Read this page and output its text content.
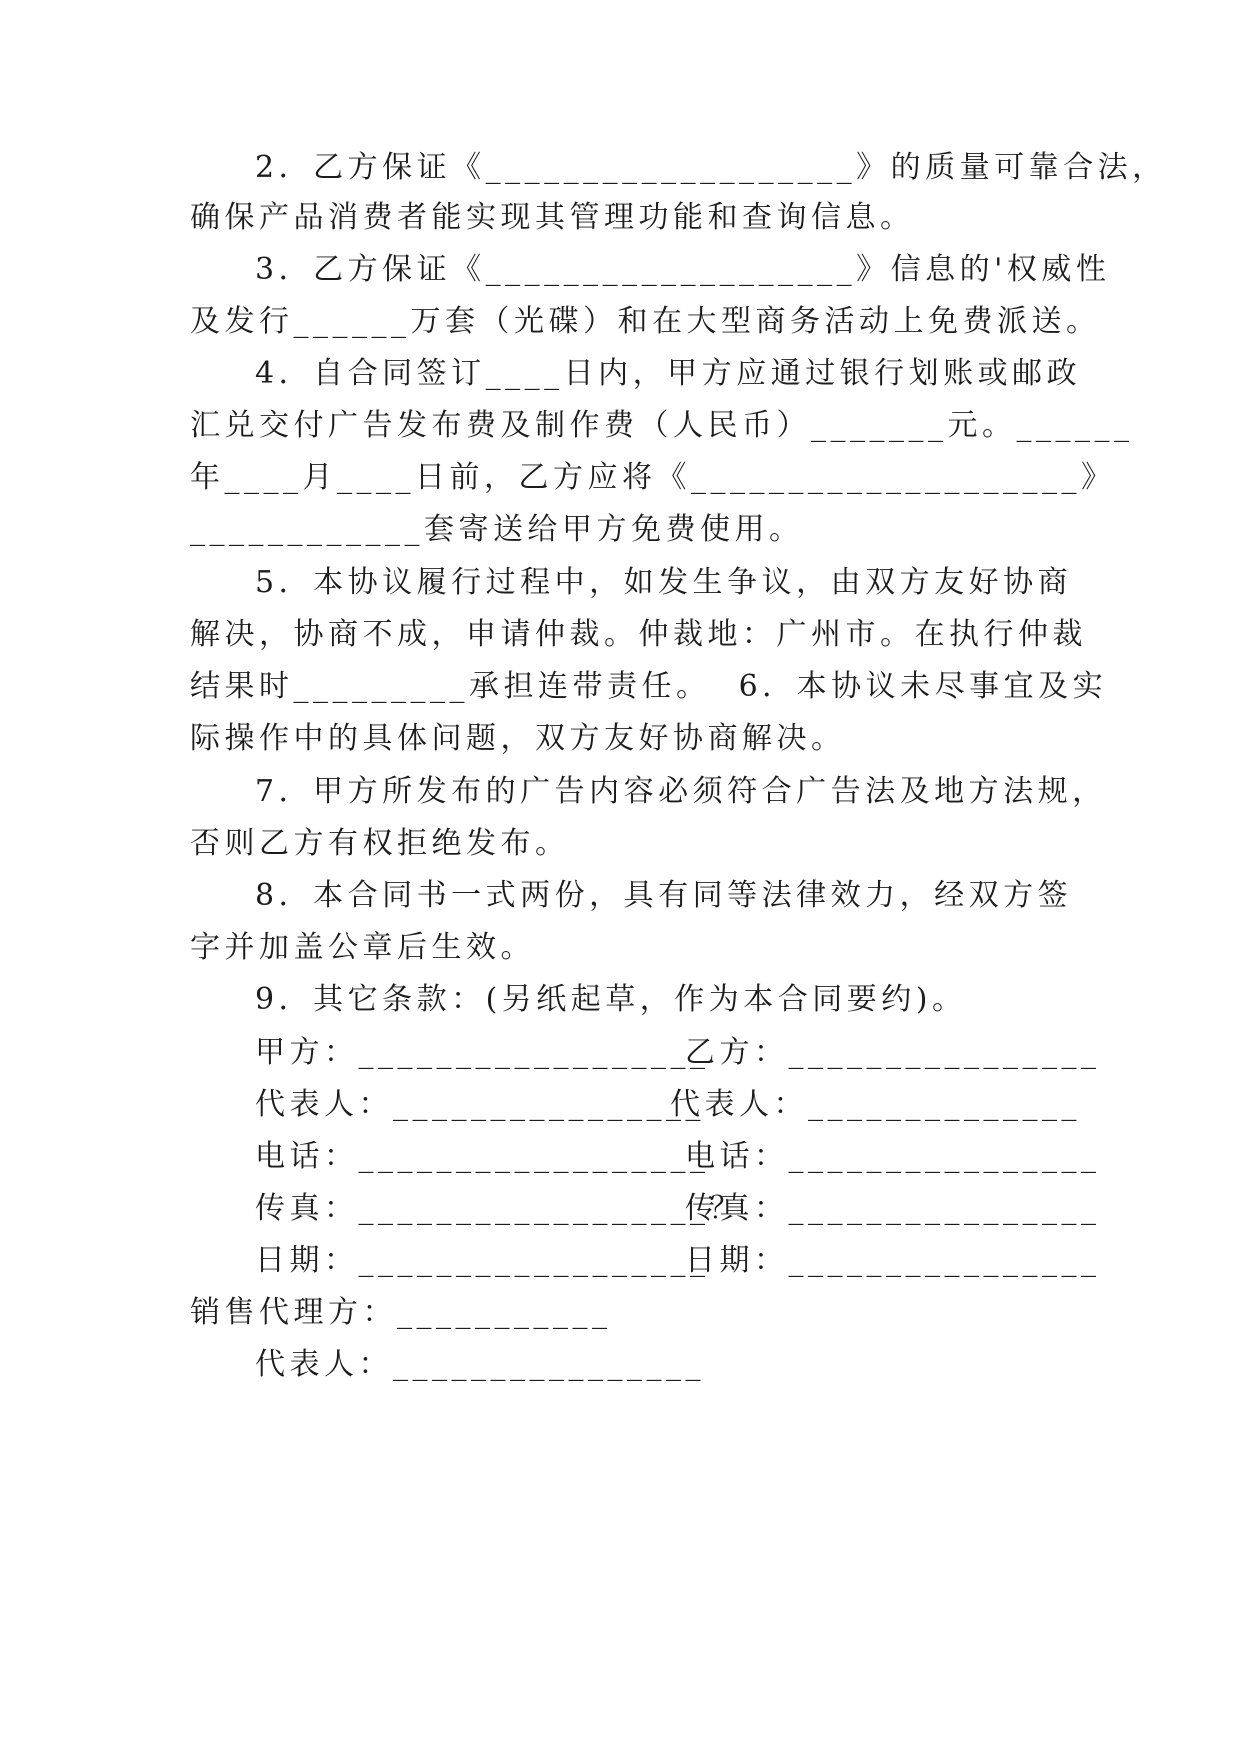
2．乙方保证《___________________》的质量可靠合法，

确保产品消费者能实现其管理功能和查询信息。

3．乙方保证《___________________》信息的'权威性

及发行______万套（光碟）和在大型商务活动上免费派送。

4．自合同签订____日内，甲方应通过银行划账或邮政

汇兑交付广告发布费及制作费（人民币）_______元。______

年____月____日前，乙方应将《____________________》

____________套寄送给甲方免费使用。

5．本协议履行过程中，如发生争议，由双方友好协商

解决，协商不成，申请仲裁。仲裁地：广州市。在执行仲裁

结果时_________承担连带责任。  6．本协议未尽事宜及实

际操作中的具体问题，双方友好协商解决。

7．甲方所发布的广告内容必须符合广告法及地方法规，

否则乙方有权拒绝发布。

8．本合同书一式两份，具有同等法律效力，经双方签

字并加盖公章后生效。

9．其它条款：(另纸起草，作为本合同要约)。

甲方：__________________
乙方：________________
代表人：________________
代表人：______________
电话：__________________
电话：________________
传真：__________________？
传真：________________
日期：__________________
日期：________________
销售代理方：___________
代表人：________________
